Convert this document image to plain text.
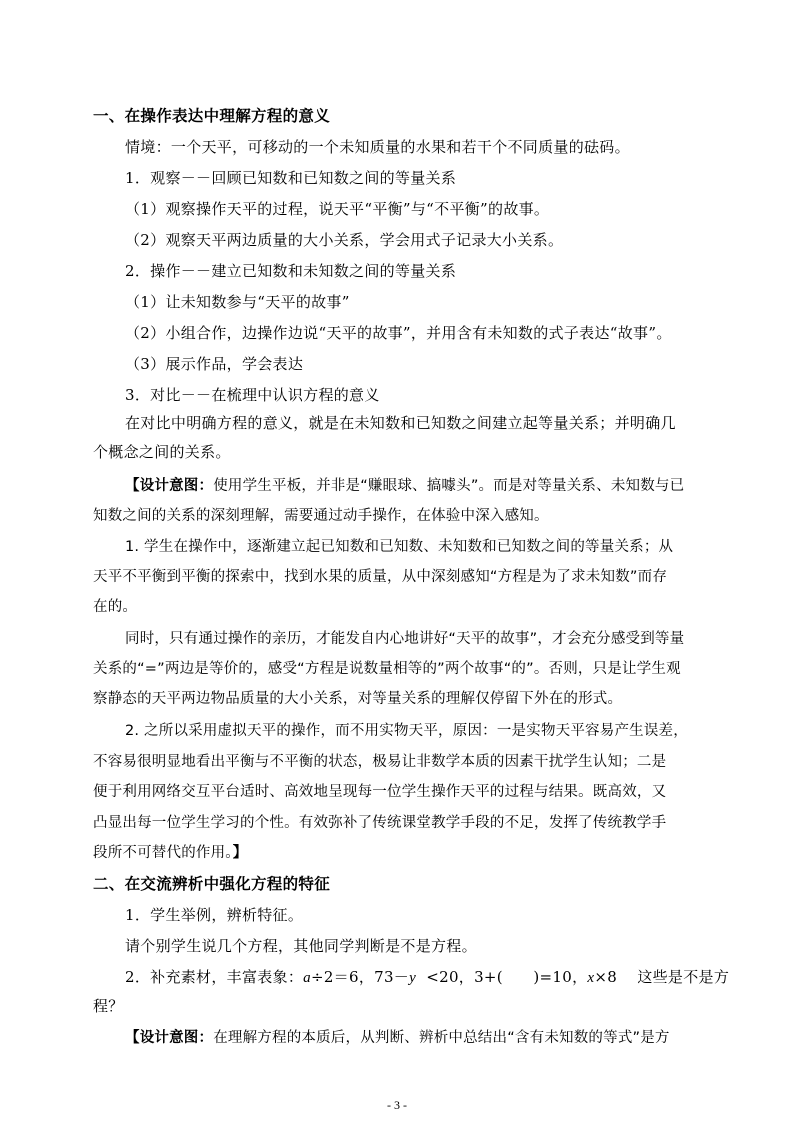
一、在操作表达中理解方程的意义
情境：一个天平，可移动的一个未知质量的水果和若干个不同质量的砝码。
1．观察－－回顾已知数和已知数之间的等量关系
（1）观察操作天平的过程，说天平“平衡”与“不平衡”的故事。
（2）观察天平两边质量的大小关系，学会用式子记录大小关系。
2．操作－－建立已知数和未知数之间的等量关系
（1）让未知数参与“天平的故事”
（2）小组合作，边操作边说“天平的故事”，并用含有未知数的式子表达“故事”。
（3）展示作品，学会表达
3．对比－－在梳理中认识方程的意义
在对比中明确方程的意义，就是在未知数和已知数之间建立起等量关系；并明确几
个概念之间的关系。
【设计意图：使用学生平板，并非是“赚眼球、搞噱头”。而是对等量关系、未知数与已
知数之间的关系的深刻理解，需要通过动手操作，在体验中深入感知。
1. 学生在操作中，逐渐建立起已知数和已知数、未知数和已知数之间的等量关系；从
天平不平衡到平衡的探索中，找到水果的质量，从中深刻感知“方程是为了求未知数”而存
在的。
同时，只有通过操作的亲历，才能发自内心地讲好“天平的故事”，才会充分感受到等量
关系的“=”两边是等价的，感受“方程是说数量相等的”两个故事“的”。否则，只是让学生观
察静态的天平两边物品质量的大小关系，对等量关系的理解仅停留下外在的形式。
2. 之所以采用虚拟天平的操作，而不用实物天平，原因：一是实物天平容易产生误差，
不容易很明显地看出平衡与不平衡的状态，极易让非数学本质的因素干扰学生认知；二是
便于利用网络交互平台适时、高效地呈现每一位学生操作天平的过程与结果。既高效，又
凸显出每一位学生学习的个性。有效弥补了传统课堂教学手段的不足，发挥了传统教学手
段所不可替代的作用。】
二、在交流辨析中强化方程的特征
1．学生举例，辨析特征。
请个别学生说几个方程，其他同学判断是不是方程。
2．补充素材，丰富表象：a÷2＝6，73－y  <20，3+(      )=10，x×8    这些是不是方
程？
【设计意图：在理解方程的本质后，从判断、辨析中总结出“含有未知数的等式”是方
- 3 -
